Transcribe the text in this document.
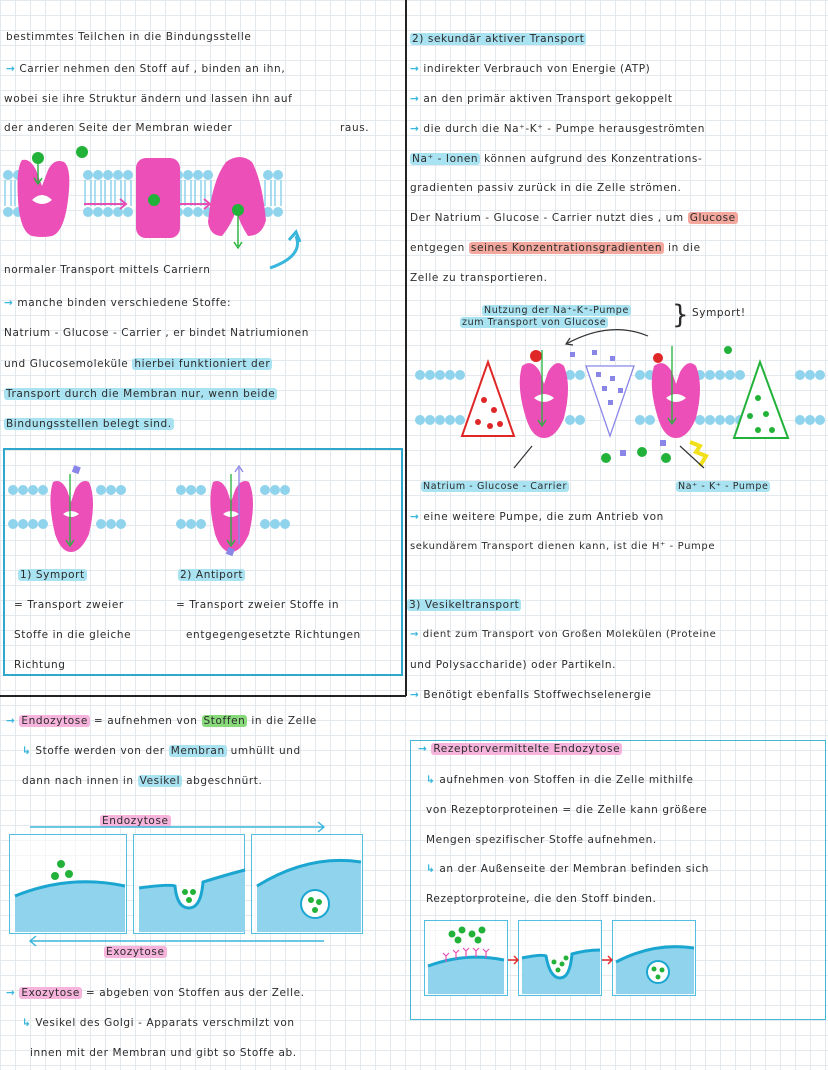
bestimmtes Teilchen in die Bindungsstelle
→ Carrier nehmen den Stoff auf , binden an ihn,
wobei sie ihre Struktur ändern und lassen ihn auf
der anderen Seite der Membran wieder	raus.
normaler Transport mittels Carriern
→ manche binden verschiedene Stoffe:
Natrium - Glucose - Carrier , er bindet Natriumionen
und Glucosemoleküle hierbei funktioniert der
Transport durch die Membran nur, wenn beide
Bindungsstellen belegt sind.
1) Symport	2) Antiport
= Transport zweier
Stoffe in die gleiche
Richtung
= Transport zweier Stoffe in
entgegengesetzte Richtungen
2) sekundär aktiver Transport
→ indirekter Verbrauch von Energie (ATP)
→ an den primär aktiven Transport gekoppelt
→ die durch die Na⁺-K⁺ - Pumpe herausgeströmten
Na⁺ - Ionen können aufgrund des Konzentrations-
gradienten passiv zurück in die Zelle strömen.
Der Natrium - Glucose - Carrier nutzt dies , um Glucose
entgegen seines Konzentrationsgradienten in die
Zelle zu transportieren.
Nutzung der Na⁺-K⁺-Pumpe
zum Transport von Glucose	} Symport!
Natrium - Glucose - Carrier	Na⁺ - K⁺ - Pumpe
→ eine weitere Pumpe, die zum Antrieb von
sekundärem Transport dienen kann, ist die H⁺ - Pumpe
3) Vesikeltransport
→ dient zum Transport von Großen Molekülen (Proteine
und Polysaccharide) oder Partikeln.
→ Benötigt ebenfalls Stoffwechselenergie
→ Endozytose = aufnehmen von Stoffen in die Zelle
↳ Stoffe werden von der Membran umhüllt und
dann nach innen in Vesikel abgeschnürt.
Endozytose
Exozytose
→ Exozytose = abgeben von Stoffen aus der Zelle.
↳ Vesikel des Golgi - Apparats verschmilzt von
innen mit der Membran und gibt so Stoffe ab.
→ Rezeptorvermittelte Endozytose
↳ aufnehmen von Stoffen in die Zelle mithilfe
von Rezeptorproteinen = die Zelle kann größere
Mengen spezifischer Stoffe aufnehmen.
↳ an der Außenseite der Membran befinden sich
Rezeptorproteine, die den Stoff binden.
